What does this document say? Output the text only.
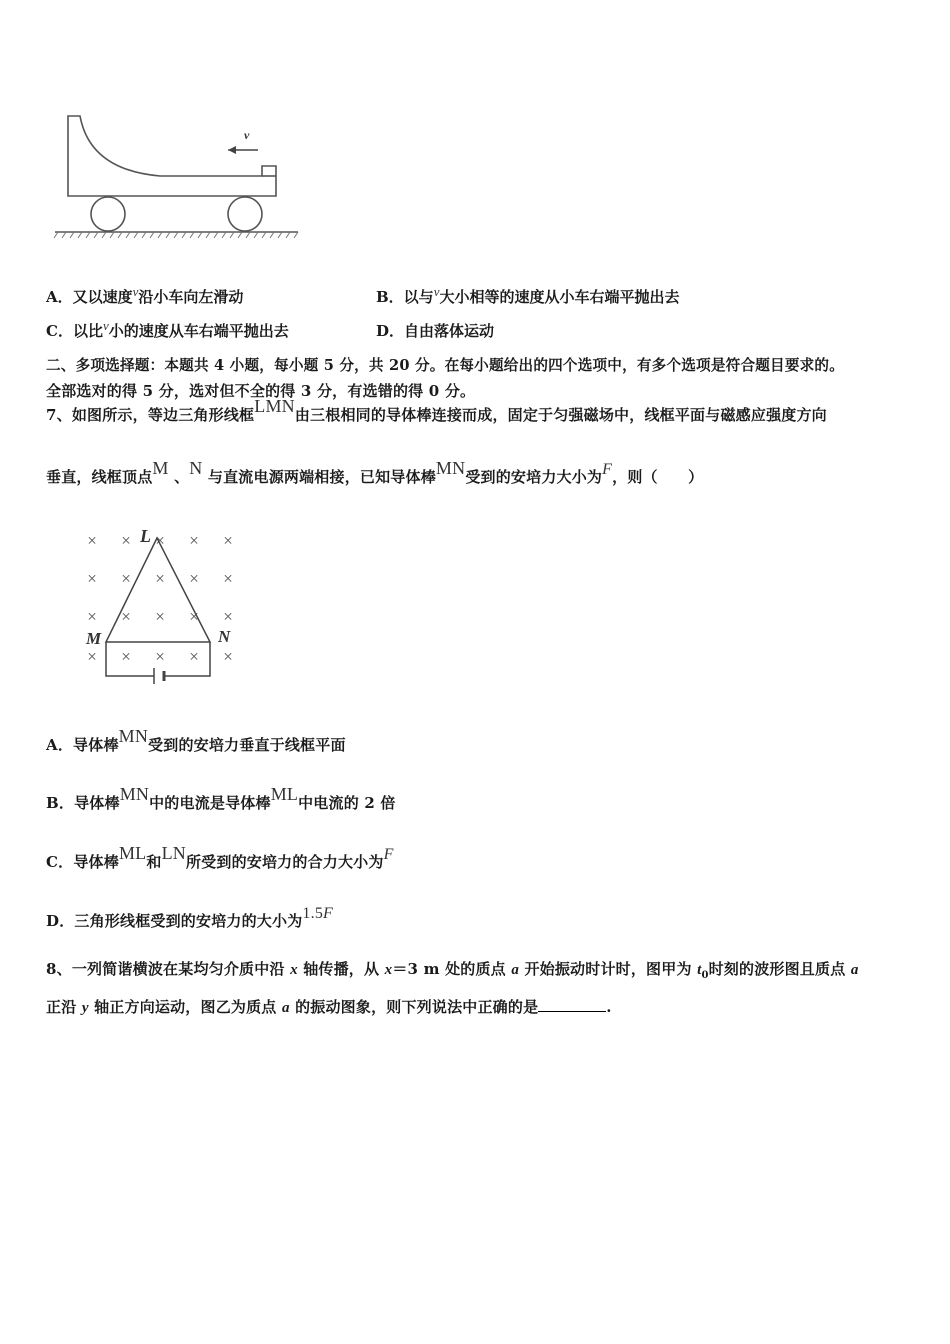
v
A．又以速度v沿小车向左滑动	B．以与v大小相等的速度从小车右端平抛出去
C．以比v小的速度从车右端平抛出去	D．自由落体运动
二、多项选择题：本题共 4 小题，每小题 5 分，共 20 分。在每小题给出的四个选项中，有多个选项是符合题目要求的。
全部选对的得 5 分，选对但不全的得 3 分，有选错的得 0 分。
7、如图所示，等边三角形线框LMN由三根相同的导体棒连接而成，固定于匀强磁场中，线框平面与磁感应强度方向
垂直，线框顶点M 、N 与直流电源两端相接，已知导体棒MN受到的安培力大小为F，则（　　）
× × × × ×
× × × × ×
× × × × ×
× × × × ×
L
M	N
A．导体棒MN受到的安培力垂直于线框平面
B．导体棒MN中的电流是导体棒ML中电流的 2 倍
C．导体棒ML和LN所受到的安培力的合力大小为F
D．三角形线框受到的安培力的大小为1.5F
8、一列简谐横波在某均匀介质中沿 x 轴传播，从 x＝3 m 处的质点 a 开始振动时计时，图甲为 $t_0$时刻的波形图且质点 a
正沿 y 轴正方向运动，图乙为质点 a 的振动图象，则下列说法中正确的是	.
